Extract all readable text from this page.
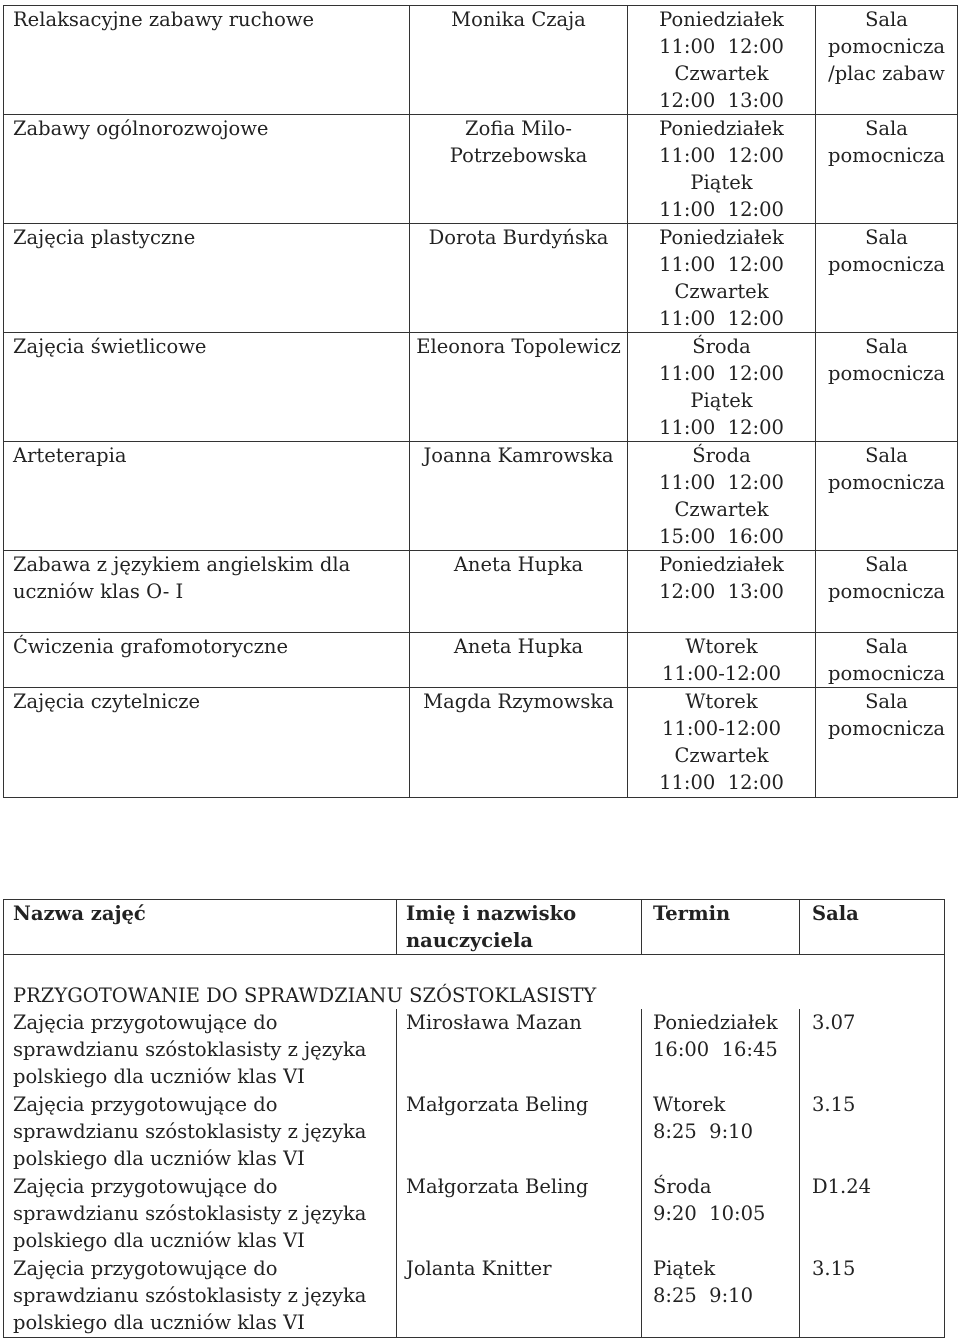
Relaksacyjne zabawy ruchowe	Monika Czaja	Poniedziałek
11:00  12:00
Czwartek
12:00  13:00	Sala
pomocnicza
/plac zabaw

Zabawy ogólnorozwojowe	Zofia Milo-
Potrzebowska	Poniedziałek
11:00  12:00
Piątek
11:00  12:00	Sala
pomocnicza

Zajęcia plastyczne	Dorota Burdyńska	Poniedziałek
11:00  12:00
Czwartek
11:00  12:00	Sala
pomocnicza

Zajęcia świetlicowe	Eleonora Topolewicz	Środa
11:00  12:00
Piątek
11:00  12:00	Sala
pomocnicza

Arteterapia	Joanna Kamrowska	Środa
11:00  12:00
Czwartek
15:00  16:00	Sala
pomocnicza

Zabawa z językiem angielskim dla
uczniów klas O- I	Aneta Hupka	Poniedziałek
12:00  13:00	Sala
pomocnicza

Ćwiczenia grafomotoryczne	Aneta Hupka	Wtorek
11:00-12:00	Sala
pomocnicza

Zajęcia czytelnicze	Magda Rzymowska	Wtorek
11:00-12:00
Czwartek
11:00  12:00	Sala
pomocnicza
Nazwa zajęć	Imię i nazwisko
nauczyciela	Termin	Sala

PRZYGOTOWANIE DO SPRAWDZIANU SZÓSTOKLASISTY			

Zajęcia przygotowujące do
sprawdzianu szóstoklasisty z języka
polskiego dla uczniów klas VI	Mirosława Mazan	Poniedziałek
16:00  16:45	3.07

Zajęcia przygotowujące do
sprawdzianu szóstoklasisty z języka
polskiego dla uczniów klas VI	Małgorzata Beling	Wtorek
8:25  9:10	3.15

Zajęcia przygotowujące do
sprawdzianu szóstoklasisty z języka
polskiego dla uczniów klas VI	Małgorzata Beling	Środa
9:20  10:05	D1.24

Zajęcia przygotowujące do
sprawdzianu szóstoklasisty z języka
polskiego dla uczniów klas VI	Jolanta Knitter	Piątek
8:25  9:10	3.15
